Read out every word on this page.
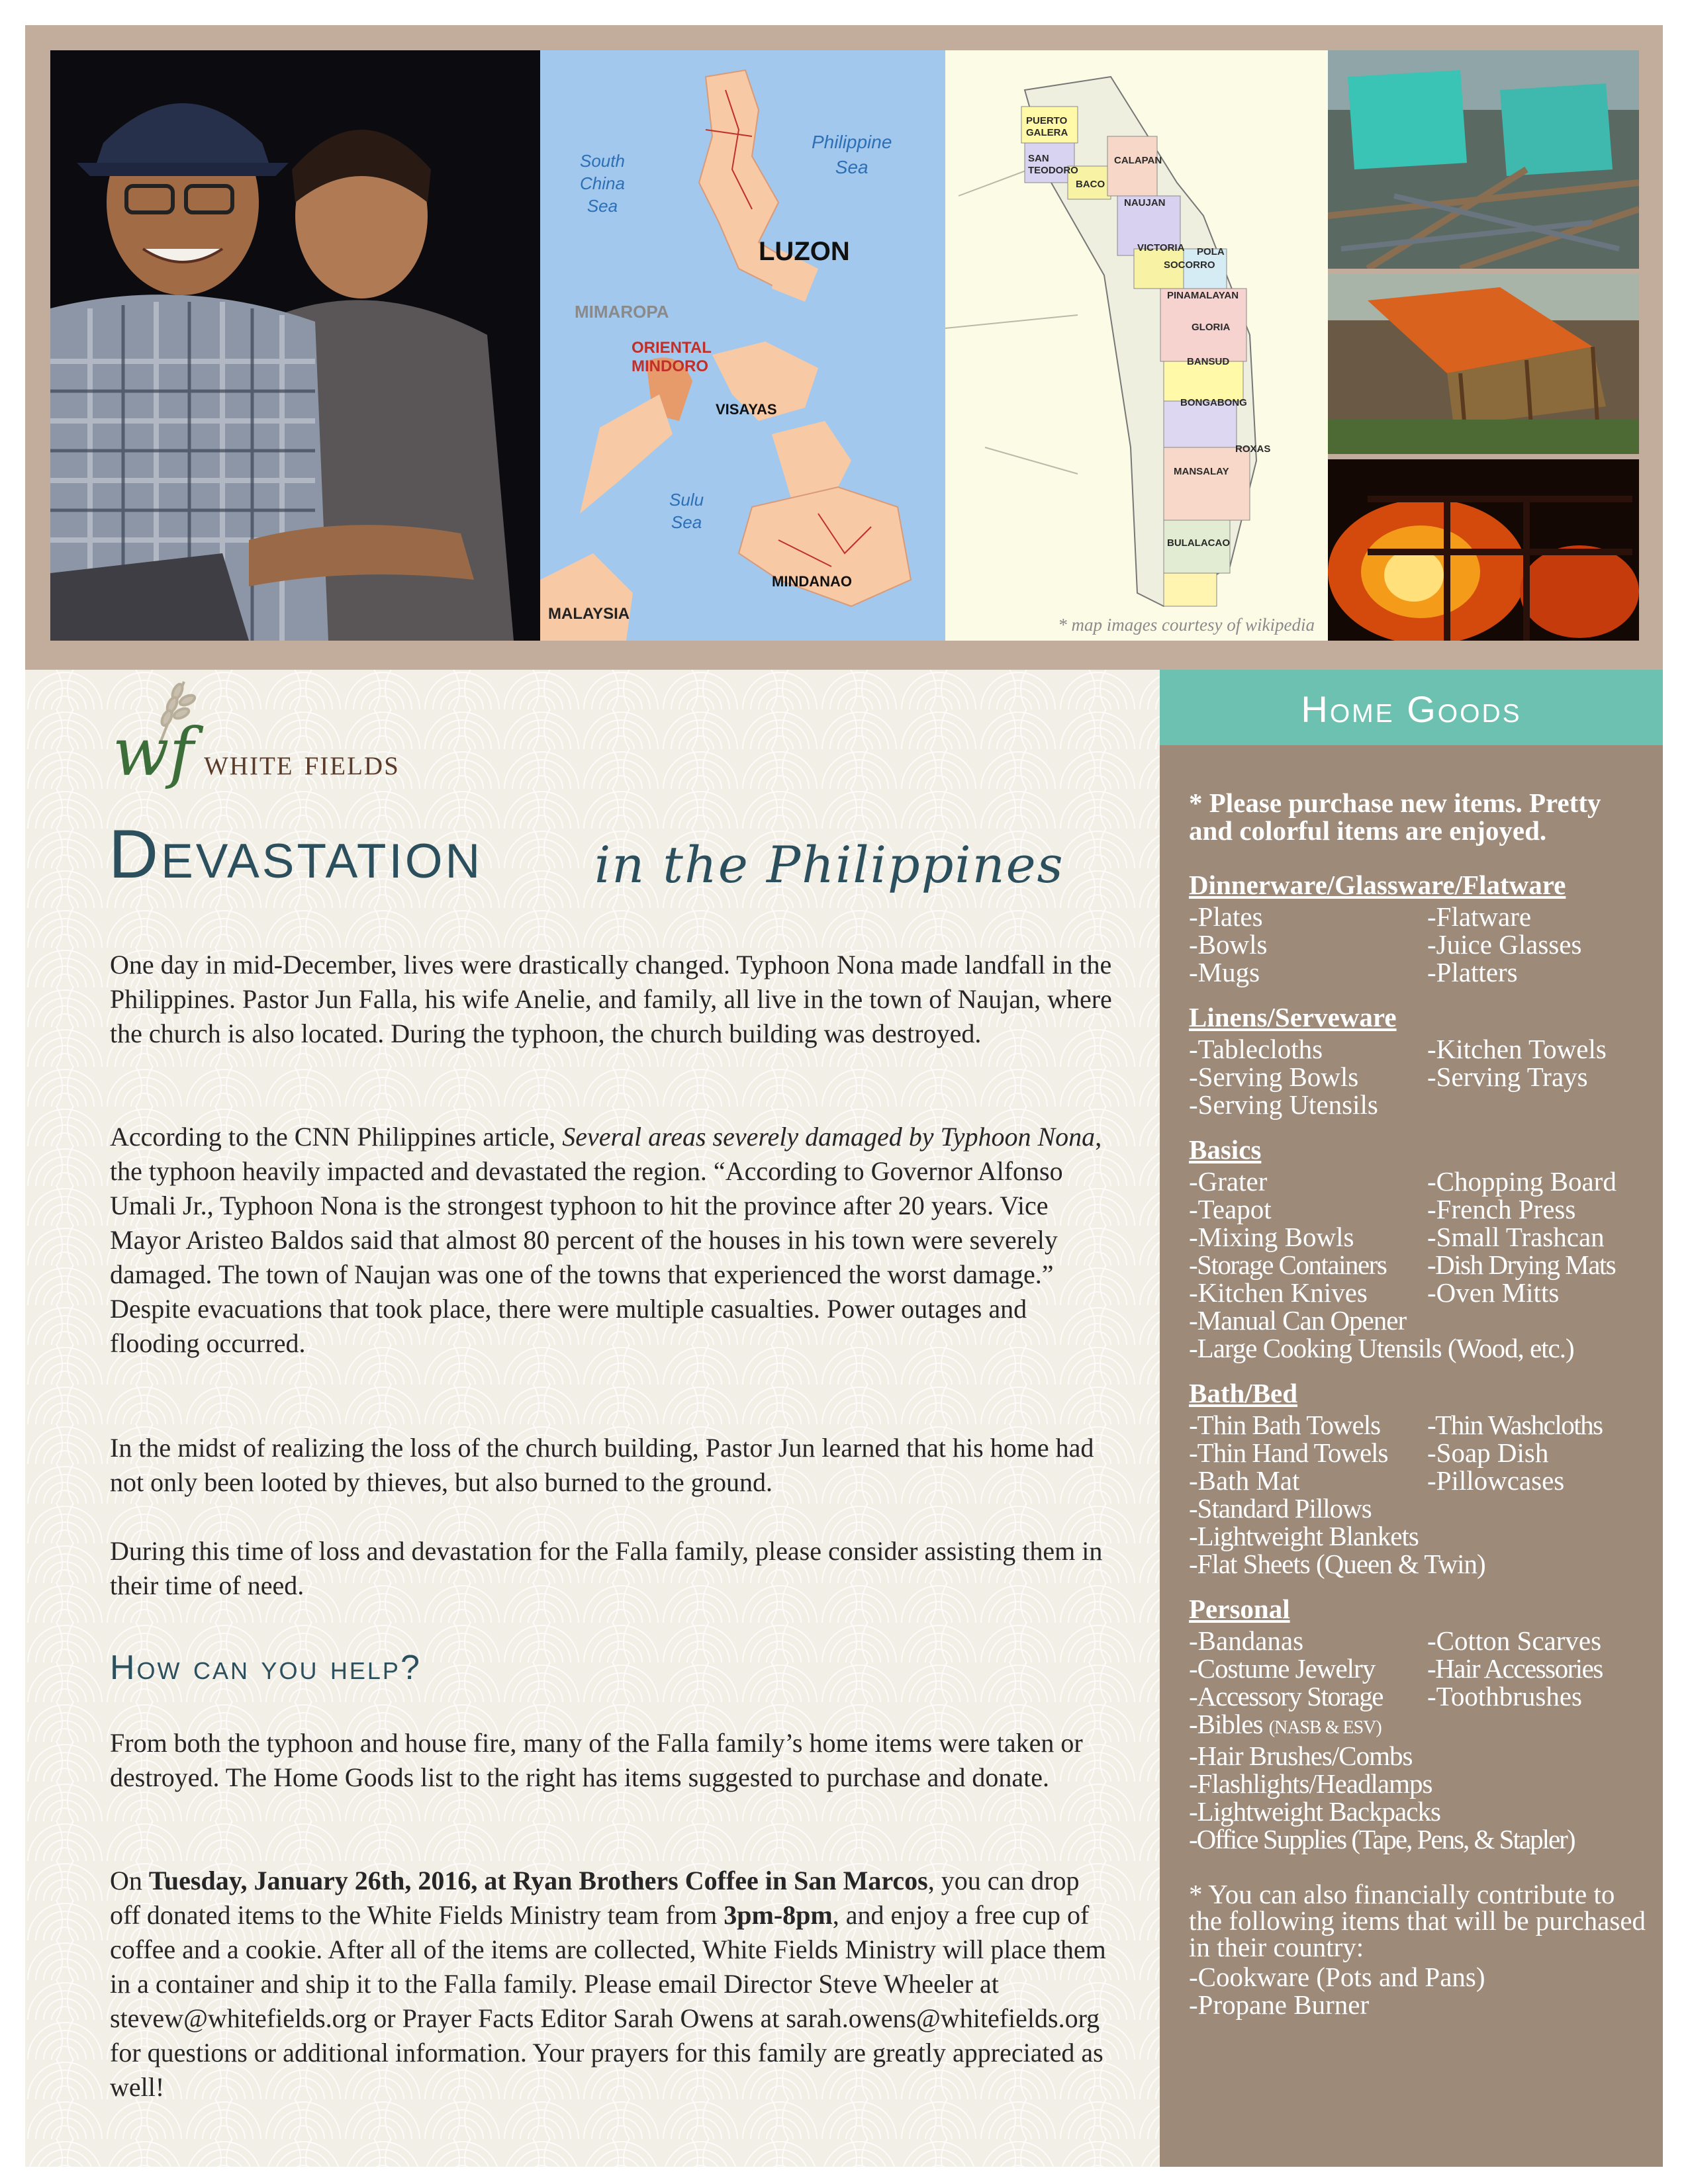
South
China
Sea
Philippine
Sea
LUZON
MIMAROPA
ORIENTAL
MINDORO
VISAYAS
Sulu
Sea
MINDANAO
MALAYSIA
PUERTO GALERA
SAN TEODORO
BACO
CALAPAN
NAUJAN
VICTORIA POLA
SOCORRO
PINAMALAYAN
GLORIA
BANSUD
BONGABONG
ROXAS
MANSALAY
BULALACAO
* map images courtesy of wikipedia
wf white fields
Devastation in the Philippines
One day in mid-December, lives were drastically changed. Typhoon Nona made landfall in the Philippines. Pastor Jun Falla, his wife Anelie, and family, all live in the town of Naujan, where the church is also located. During the typhoon, the church building was destroyed.
According to the CNN Philippines article, Several areas severely damaged by Typhoon Nona, the typhoon heavily impacted and devastated the region. “According to Governor Alfonso Umali Jr., Typhoon Nona is the strongest typhoon to hit the province after 20 years. Vice Mayor Aristeo Baldos said that almost 80 percent of the houses in his town were severely damaged. The town of Naujan was one of the towns that experienced the worst damage.” Despite evacuations that took place, there were multiple casualties. Power outages and flooding occurred.
In the midst of realizing the loss of the church building, Pastor Jun learned that his home had not only been looted by thieves, but also burned to the ground.
During this time of loss and devastation for the Falla family, please consider assisting them in their time of need.
How can you help?
From both the typhoon and house fire, many of the Falla family’s home items were taken or destroyed. The Home Goods list to the right has items suggested to purchase and donate.
On Tuesday, January 26th, 2016, at Ryan Brothers Coffee in San Marcos, you can drop off donated items to the White Fields Ministry team from 3pm-8pm, and enjoy a free cup of coffee and a cookie. After all of the items are collected, White Fields Ministry will place them in a container and ship it to the Falla family. Please email Director Steve Wheeler at stevew@whitefields.org or Prayer Facts Editor Sarah Owens at sarah.owens@whitefields.org for questions or additional information. Your prayers for this family are greatly appreciated as well!
Home Goods
* Please purchase new items. Pretty and colorful items are enjoyed.
Dinnerware/Glassware/Flatware
-Plates	-Flatware
-Bowls	-Juice Glasses
-Mugs	-Platters
Linens/Serveware
-Tablecloths	-Kitchen Towels
-Serving Bowls	-Serving Trays
-Serving Utensils
Basics
-Grater	-Chopping Board
-Teapot	-French Press
-Mixing Bowls	-Small Trashcan
-Storage Containers	-Dish Drying Mats
-Kitchen Knives	-Oven Mitts
-Manual Can Opener
-Large Cooking Utensils (Wood, etc.)
Bath/Bed
-Thin Bath Towels	-Thin Washcloths
-Thin Hand Towels	-Soap Dish
-Bath Mat	-Pillowcases
-Standard Pillows
-Lightweight Blankets
-Flat Sheets (Queen & Twin)
Personal
-Bandanas	-Cotton Scarves
-Costume Jewelry	-Hair Accessories
-Accessory Storage	-Toothbrushes
-Bibles (NASB & ESV)
-Hair Brushes/Combs
-Flashlights/Headlamps
-Lightweight Backpacks
-Office Supplies (Tape, Pens, & Stapler)
* You can also financially contribute to the following items that will be purchased in their country:
-Cookware (Pots and Pans)
-Propane Burner
